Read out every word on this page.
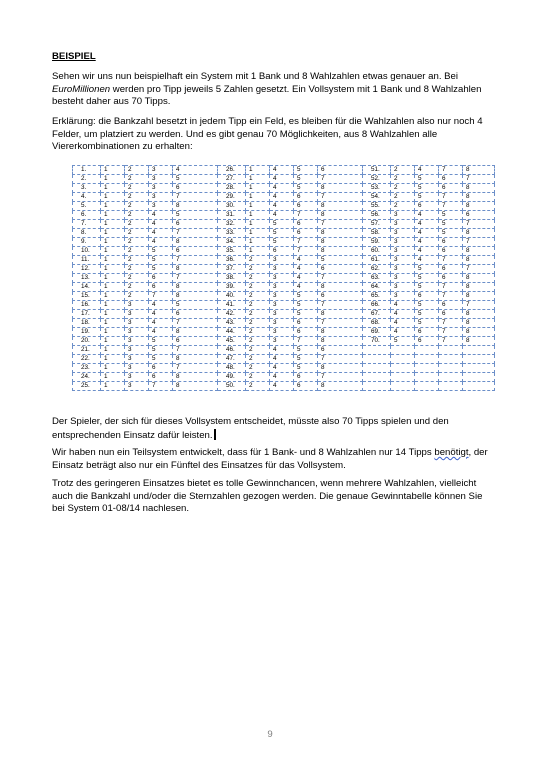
BEISPIEL

Sehen wir uns nun beispielhaft ein System mit 1 Bank und 8 Wahlzahlen etwas genauer an. Bei EuroMillionen werden pro Tipp jeweils 5 Zahlen gesetzt. Ein Vollsystem mit 1 Bank und 8 Wahlzahlen besteht daher aus 70 Tipps.

Erklärung: die Bankzahl besetzt in jedem Tipp ein Feld, es bleiben für die Wahlzahlen also nur noch 4 Felder, um platziert zu werden. Und es gibt genau 70 Möglichkeiten, aus 8 Wahlzahlen alle Viererkombinationen zu erhalten:

1.	1	2	3	4	26.	1	4	5	6	51.	2	4	7	8
2.	1	2	3	5	27.	1	4	5	7	52.	2	5	6	7
3.	1	2	3	6	28.	1	4	5	8	53.	2	5	6	8
4.	1	2	3	7	29.	1	4	6	7	54.	2	5	7	8
5.	1	2	3	8	30.	1	4	6	8	55.	2	6	7	8
6.	1	2	4	5	31.	1	4	7	8	56.	3	4	5	6
7.	1	2	4	6	32.	1	5	6	7	57.	3	4	5	7
8.	1	2	4	7	33.	1	5	6	8	58.	3	4	5	8
9.	1	2	4	8	34.	1	5	7	8	59.	3	4	6	7
10.	1	2	5	6	35.	1	6	7	8	60.	3	4	6	8
11.	1	2	5	7	36.	2	3	4	5	61.	3	4	7	8
12.	1	2	5	8	37.	2	3	4	6	62.	3	5	6	7
13.	1	2	6	7	38.	2	3	4	7	63.	3	5	6	8
14.	1	2	6	8	39.	2	3	4	8	64.	3	5	7	8
15.	1	2	7	8	40.	2	3	5	6	65.	3	6	7	8
16.	1	3	4	5	41.	2	3	5	7	66.	4	5	6	7
17.	1	3	4	6	42.	2	3	5	8	67.	4	5	6	8
18.	1	3	4	7	43.	2	3	6	7	68.	4	5	7	8
19.	1	3	4	8	44.	2	3	6	8	69.	4	6	7	8
20.	1	3	5	6	45.	2	3	7	8	70.	5	6	7	8
21.	1	3	5	7	46.	2	4	5	6					
22.	1	3	5	8	47.	2	4	5	7					
23.	1	3	6	7	48.	2	4	5	8					
24.	1	3	6	8	49.	2	4	6	7					
25.	1	3	7	8	50.	2	4	6	8					

Der Spieler, der sich für dieses Vollsystem entscheidet, müsste also 70 Tipps spielen und den entsprechenden Einsatz dafür leisten.

Wir haben nun ein Teilsystem entwickelt, dass für 1 Bank- und 8 Wahlzahlen nur 14 Tipps benötigt, der Einsatz beträgt also nur ein Fünftel des Einsatzes für das Vollsystem.

Trotz des geringeren Einsatzes bietet es tolle Gewinnchancen, wenn mehrere Wahlzahlen, vielleicht auch die Bankzahl und/oder die Sternzahlen gezogen werden. Die genaue Gewinntabelle können Sie bei System 01-08/14 nachlesen.

9
